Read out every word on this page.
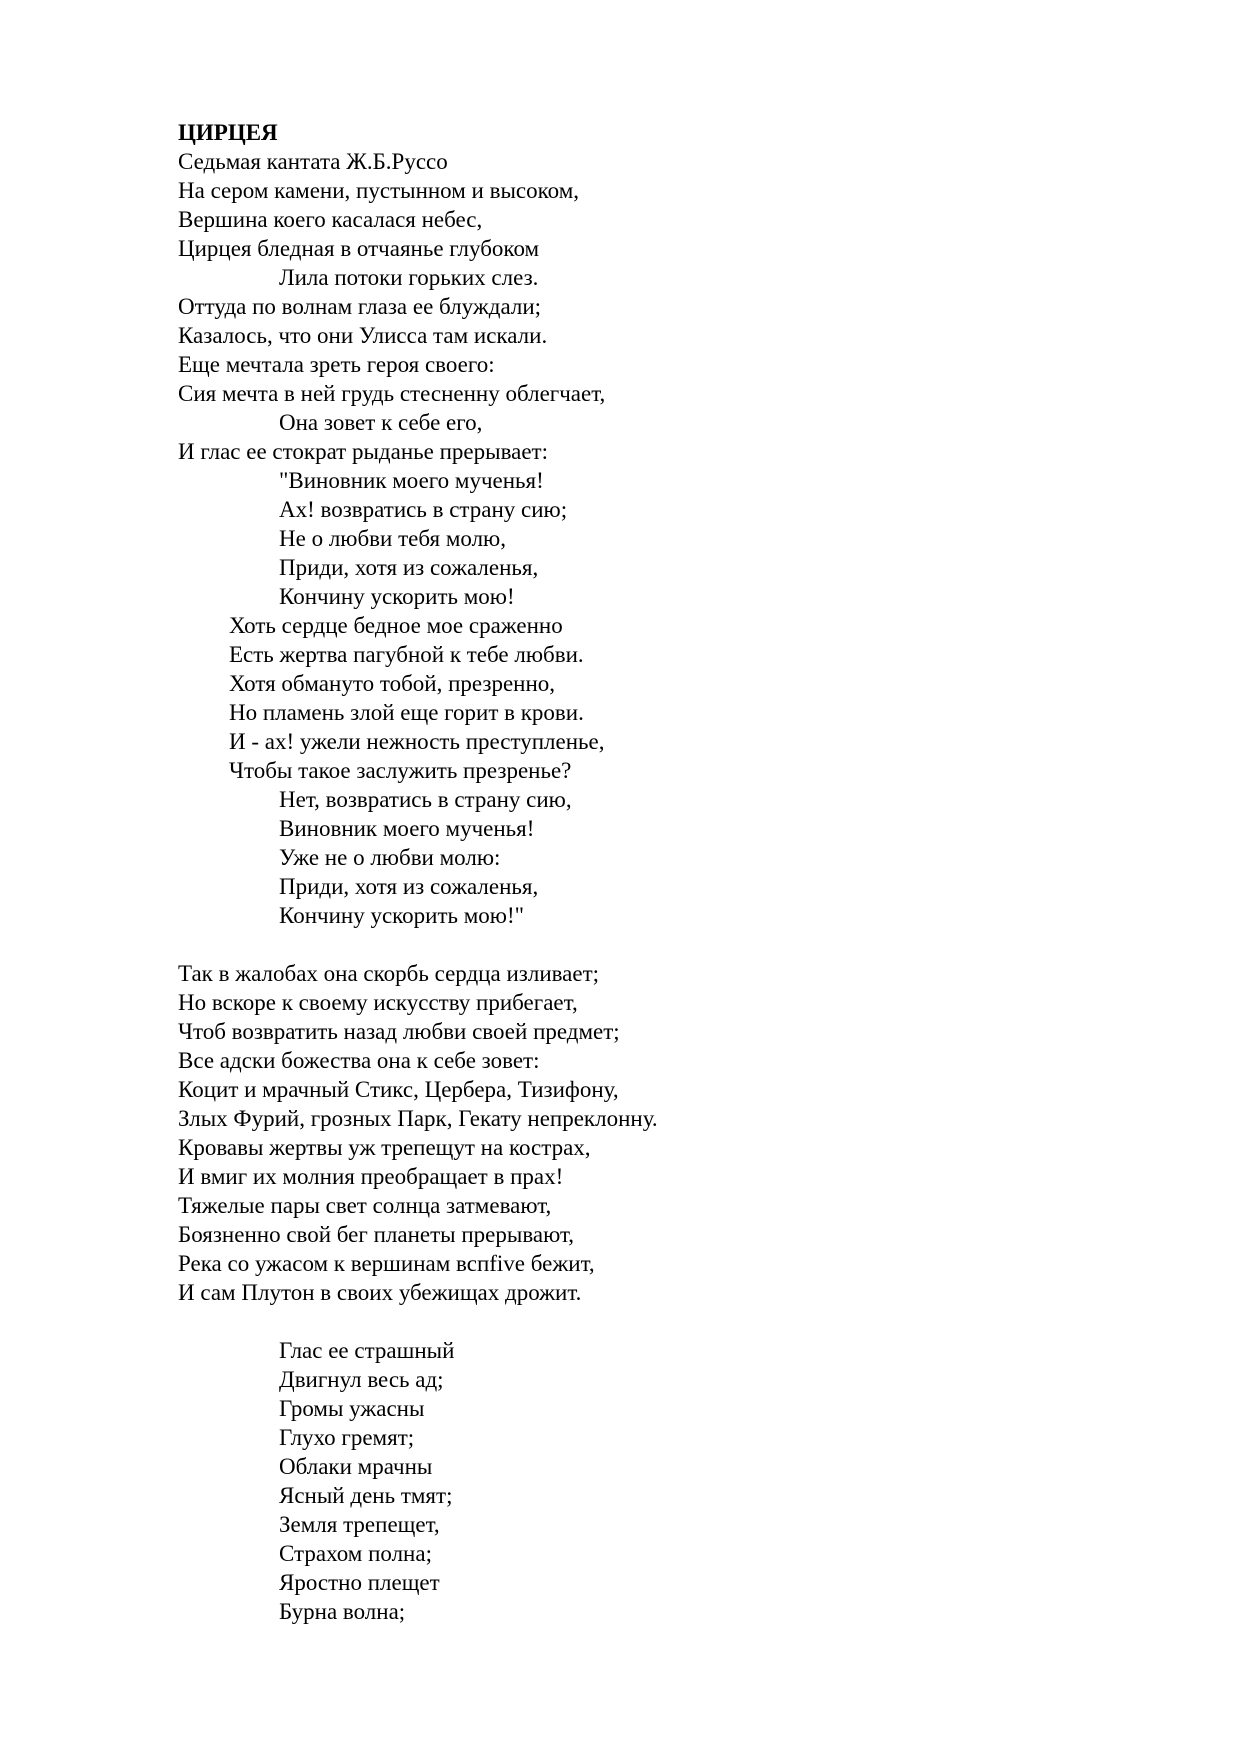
ЦИРЦЕЯ
Седьмая кантата Ж.Б.Руссо
На сером камени, пустынном и высоком,
Вершина коего касалася небес,
Цирцея бледная в отчаянье глубоком
Лила потоки горьких слез.
Оттуда по волнам глаза ее блуждали;
Казалось, что они Улисса там искали.
Еще мечтала зреть героя своего:
Сия мечта в ней грудь стесненну облегчает,
Она зовет к себе его,
И глас ее стократ рыданье прерывает:
"Виновник моего мученья!
Ах! возвратись в страну сию;
Не о любви тебя молю,
Приди, хотя из сожаленья,
Кончину ускорить мою!
Хоть сердце бедное мое сраженно
Есть жертва пагубной к тебе любви.
Хотя обмануто тобой, презренно,
Но пламень злой еще горит в крови.
И - ах! ужели нежность преступленье,
Чтобы такое заслужить презренье?
Нет, возвратись в страну сию,
Виновник моего мученья!
Уже не о любви молю:
Приди, хотя из сожаленья,
Кончину ускорить мою!"
Так в жалобах она скорбь сердца изливает;
Но вскоре к своему искусству прибегает,
Чтоб возвратить назад любви своей предмет;
Все адски божества она к себе зовет:
Коцит и мрачный Стикс, Цербера, Тизифону,
Злых Фурий, грозных Парк, Гекату непреклонну.
Кровавы жертвы уж трепещут на кострах,
И вмиг их молния преобращает в прах!
Тяжелые пары свет солнца затмевают,
Боязненно свой бег планеты прерывают,
Река со ужасом к вершинам вспfive бежит,
И сам Плутон в своих убежищах дрожит.
Глас ее страшный
Двигнул весь ад;
Громы ужасны
Глухо гремят;
Облаки мрачны
Ясный день тмят;
Земля трепещет,
Страхом полна;
Яростно плещет
Бурна волна;
